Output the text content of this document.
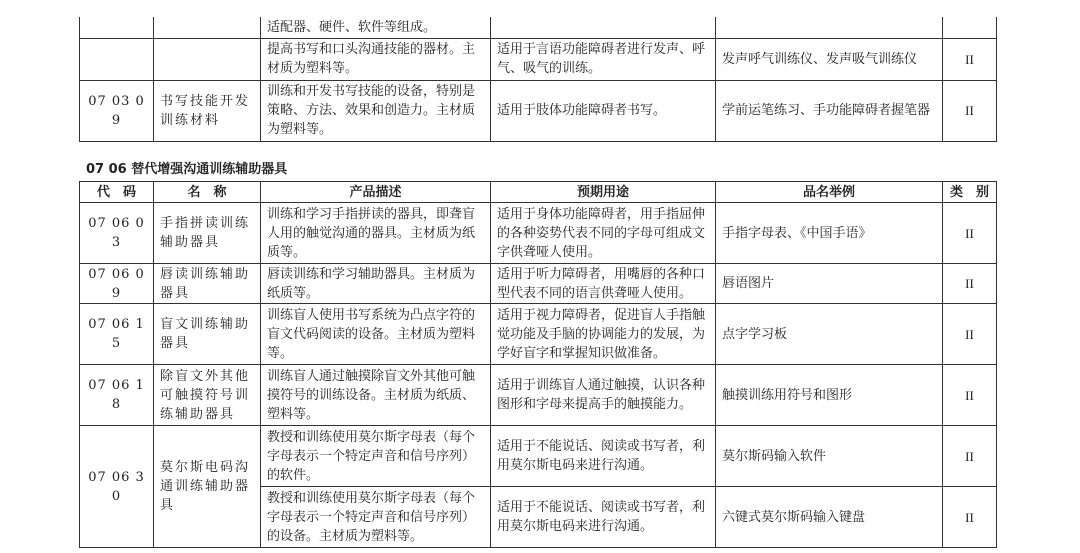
		适配器、硬件、软件等组成。			
		提高书写和口头沟通技能的器材。主材质为塑料等。	适用于言语功能障碍者进行发声、呼气、吸气的训练。	发声呼气训练仪、发声吸气训练仪	II
07 03 09	书写技能开发训练材料	训练和开发书写技能的设备，特别是策略、方法、效果和创造力。主材质为塑料等。	适用于肢体功能障碍者书写。	学前运笔练习、手功能障碍者握笔器	II
07 06 替代增强沟通训练辅助器具
代　码	名　称	产品描述	预期用途	品名举例	类　别
07 06 03	手指拼读训练辅助器具	训练和学习手指拼读的器具，即聋盲人用的触觉沟通的器具。主材质为纸质等。	适用于身体功能障碍者，用手指屈伸的各种姿势代表不同的字母可组成文字供聋哑人使用。	手指字母表、《中国手语》	II
07 06 09	唇读训练辅助器具	唇读训练和学习辅助器具。主材质为纸质等。	适用于听力障碍者，用嘴唇的各种口型代表不同的语言供聋哑人使用。	唇语图片	II
07 06 15	盲文训练辅助器具	训练盲人使用书写系统为凸点字符的盲文代码阅读的设备。主材质为塑料等。	适用于视力障碍者，促进盲人手指触觉功能及手脑的协调能力的发展，为学好盲字和掌握知识做准备。	点字学习板	II
07 06 18	除盲文外其他可触摸符号训练辅助器具	训练盲人通过触摸除盲文外其他可触摸符号的训练设备。主材质为纸质、塑料等。	适用于训练盲人通过触摸，认识各种图形和字母来提高手的触摸能力。	触摸训练用符号和图形	II
07 06 30	莫尔斯电码沟通训练辅助器具	教授和训练使用莫尔斯字母表（每个字母表示一个特定声音和信号序列）的软件。	适用于不能说话、阅读或书写者，利用莫尔斯电码来进行沟通。	莫尔斯码输入软件	II
		教授和训练使用莫尔斯字母表（每个字母表示一个特定声音和信号序列）的设备。主材质为塑料等。	适用于不能说话、阅读或书写者，利用莫尔斯电码来进行沟通。	六键式莫尔斯码输入键盘	II
